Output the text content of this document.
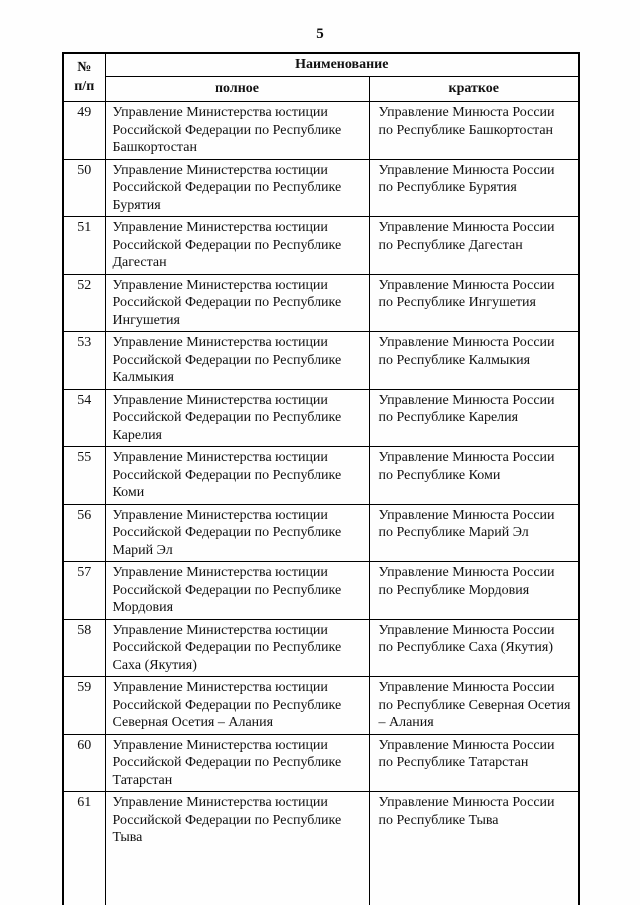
5
№
п/п	Наименование	
	полное	краткое
49	Управление Министерства юстиции Российской Федерации по Республике Башкортостан	Управление Минюста России по Республике Башкортостан
50	Управление Министерства юстиции Российской Федерации по Республике Бурятия	Управление Минюста России по Республике Бурятия
51	Управление Министерства юстиции Российской Федерации по Республике Дагестан	Управление Минюста России по Республике Дагестан
52	Управление Министерства юстиции Российской Федерации по Республике Ингушетия	Управление Минюста России по Республике Ингушетия
53	Управление Министерства юстиции Российской Федерации по Республике Калмыкия	Управление Минюста России по Республике Калмыкия
54	Управление Министерства юстиции Российской Федерации по Республике Карелия	Управление Минюста России по Республике Карелия
55	Управление Министерства юстиции Российской Федерации по Республике Коми	Управление Минюста России по Республике Коми
56	Управление Министерства юстиции Российской Федерации по Республике Марий Эл	Управление Минюста России по Республике Марий Эл
57	Управление Министерства юстиции Российской Федерации по Республике Мордовия	Управление Минюста России по Республике Мордовия
58	Управление Министерства юстиции Российской Федерации по Республике Саха (Якутия)	Управление Минюста России по Республике Саха (Якутия)
59	Управление Министерства юстиции Российской Федерации по Республике Северная Осетия – Алания	Управление Минюста России по Республике Северная Осетия – Алания
60	Управление Министерства юстиции Российской Федерации по Республике Татарстан	Управление Минюста России по Республике Татарстан
61	Управление Министерства юстиции Российской Федерации по Республике Тыва	Управление Минюста России по Республике Тыва
